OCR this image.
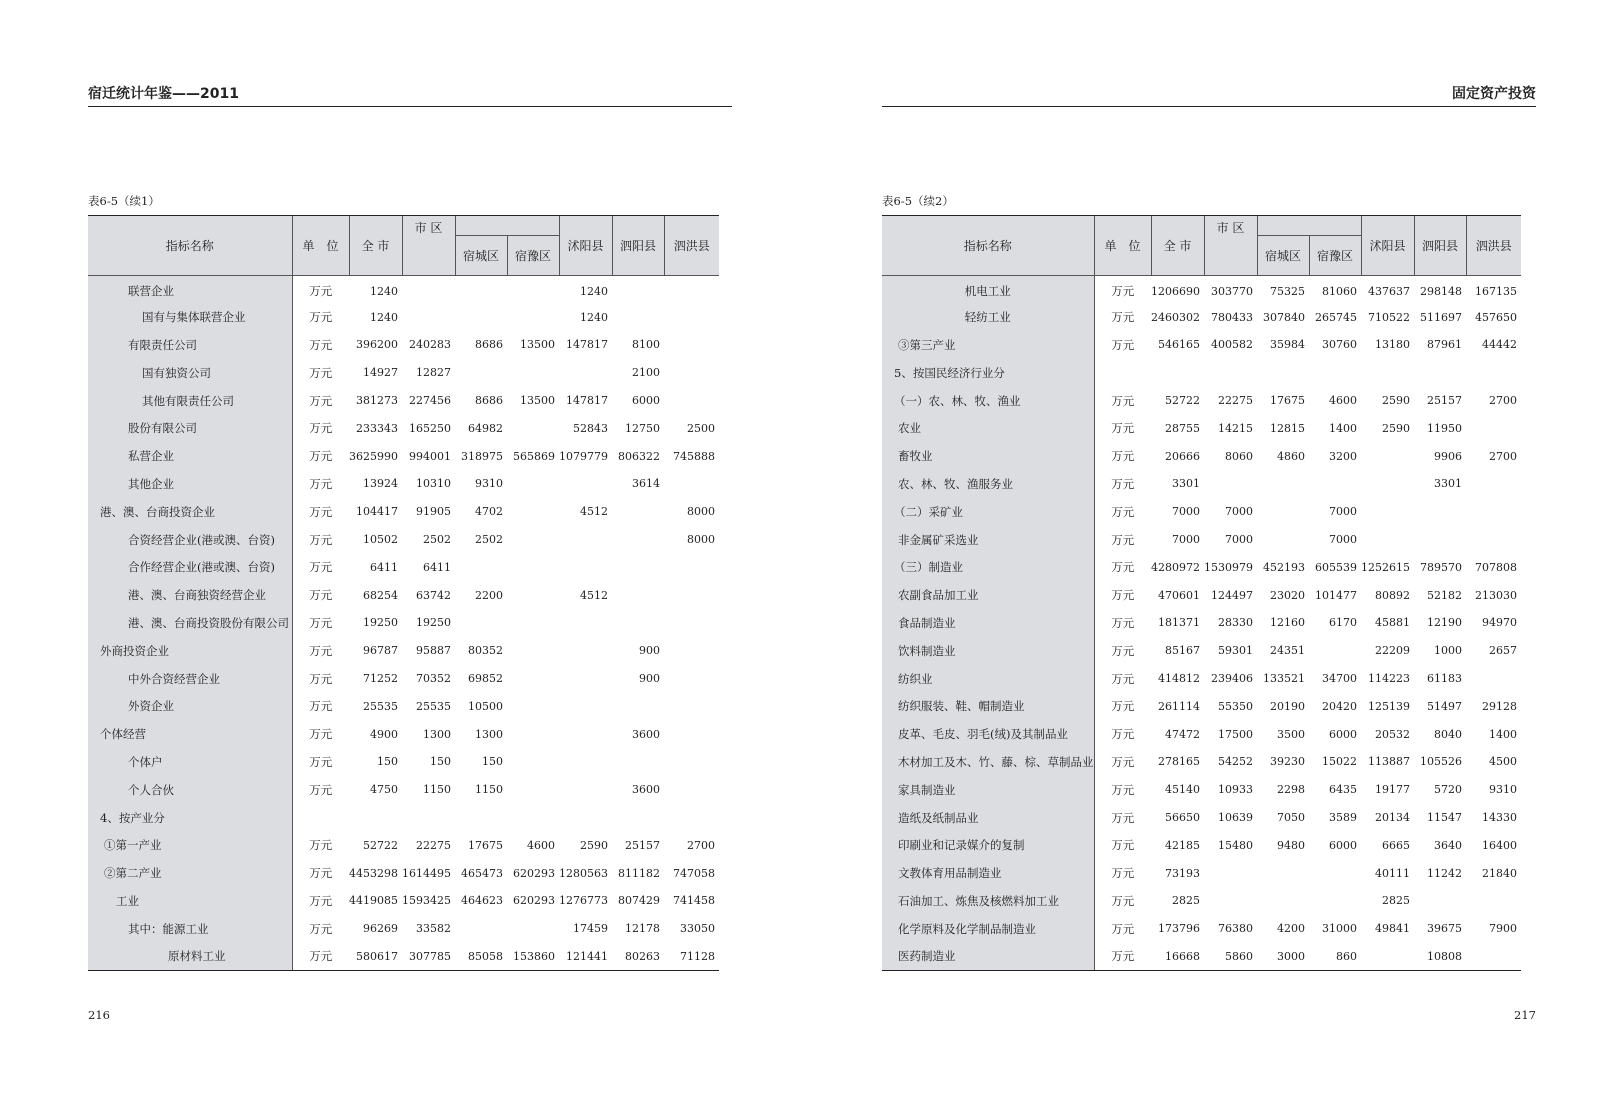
宿迁统计年鉴——2011
表6-5（续1）
指标名称	单　位	全 市	市 区			沭阳县	泗阳县	泗洪县
				宿城区	宿豫区			
联营企业	万元	1240				1240		
国有与集体联营企业	万元	1240				1240		
有限责任公司	万元	396200	240283	8686	13500	147817	8100	
国有独资公司	万元	14927	12827				2100	
其他有限责任公司	万元	381273	227456	8686	13500	147817	6000	
股份有限公司	万元	233343	165250	64982		52843	12750	2500
私营企业	万元	3625990	994001	318975	565869	1079779	806322	745888
其他企业	万元	13924	10310	9310			3614	
港、澳、台商投资企业	万元	104417	91905	4702		4512		8000
合资经营企业(港或澳、台资)	万元	10502	2502	2502				8000
合作经营企业(港或澳、台资)	万元	6411	6411					
港、澳、台商独资经营企业	万元	68254	63742	2200		4512		
港、澳、台商投资股份有限公司	万元	19250	19250					
外商投资企业	万元	96787	95887	80352			900	
中外合资经营企业	万元	71252	70352	69852			900	
外资企业	万元	25535	25535	10500				
个体经营	万元	4900	1300	1300			3600	
个体户	万元	150	150	150				
个人合伙	万元	4750	1150	1150			3600	
4、按产业分								
①第一产业	万元	52722	22275	17675	4600	2590	25157	2700
②第二产业	万元	4453298	1614495	465473	620293	1280563	811182	747058
工业	万元	4419085	1593425	464623	620293	1276773	807429	741458
其中：能源工业	万元	96269	33582			17459	12178	33050
原材料工业	万元	580617	307785	85058	153860	121441	80263	71128
216
固定资产投资
表6-5（续2）
指标名称	单　位	全 市	市 区			沭阳县	泗阳县	泗洪县
				宿城区	宿豫区			
机电工业	万元	1206690	303770	75325	81060	437637	298148	167135
轻纺工业	万元	2460302	780433	307840	265745	710522	511697	457650
③第三产业	万元	546165	400582	35984	30760	13180	87961	44442
5、按国民经济行业分								
（一）农、林、牧、渔业	万元	52722	22275	17675	4600	2590	25157	2700
农业	万元	28755	14215	12815	1400	2590	11950	
畜牧业	万元	20666	8060	4860	3200		9906	2700
农、林、牧、渔服务业	万元	3301					3301	
（二）采矿业	万元	7000	7000		7000			
非金属矿采选业	万元	7000	7000		7000			
（三）制造业	万元	4280972	1530979	452193	605539	1252615	789570	707808
农副食品加工业	万元	470601	124497	23020	101477	80892	52182	213030
食品制造业	万元	181371	28330	12160	6170	45881	12190	94970
饮料制造业	万元	85167	59301	24351		22209	1000	2657
纺织业	万元	414812	239406	133521	34700	114223	61183	
纺织服装、鞋、帽制造业	万元	261114	55350	20190	20420	125139	51497	29128
皮革、毛皮、羽毛(绒)及其制品业	万元	47472	17500	3500	6000	20532	8040	1400
木材加工及木、竹、藤、棕、草制品业	万元	278165	54252	39230	15022	113887	105526	4500
家具制造业	万元	45140	10933	2298	6435	19177	5720	9310
造纸及纸制品业	万元	56650	10639	7050	3589	20134	11547	14330
印刷业和记录媒介的复制	万元	42185	15480	9480	6000	6665	3640	16400
文教体育用品制造业	万元	73193				40111	11242	21840
石油加工、炼焦及核燃料加工业	万元	2825				2825		
化学原料及化学制品制造业	万元	173796	76380	4200	31000	49841	39675	7900
医药制造业	万元	16668	5860	3000	860		10808	
217
